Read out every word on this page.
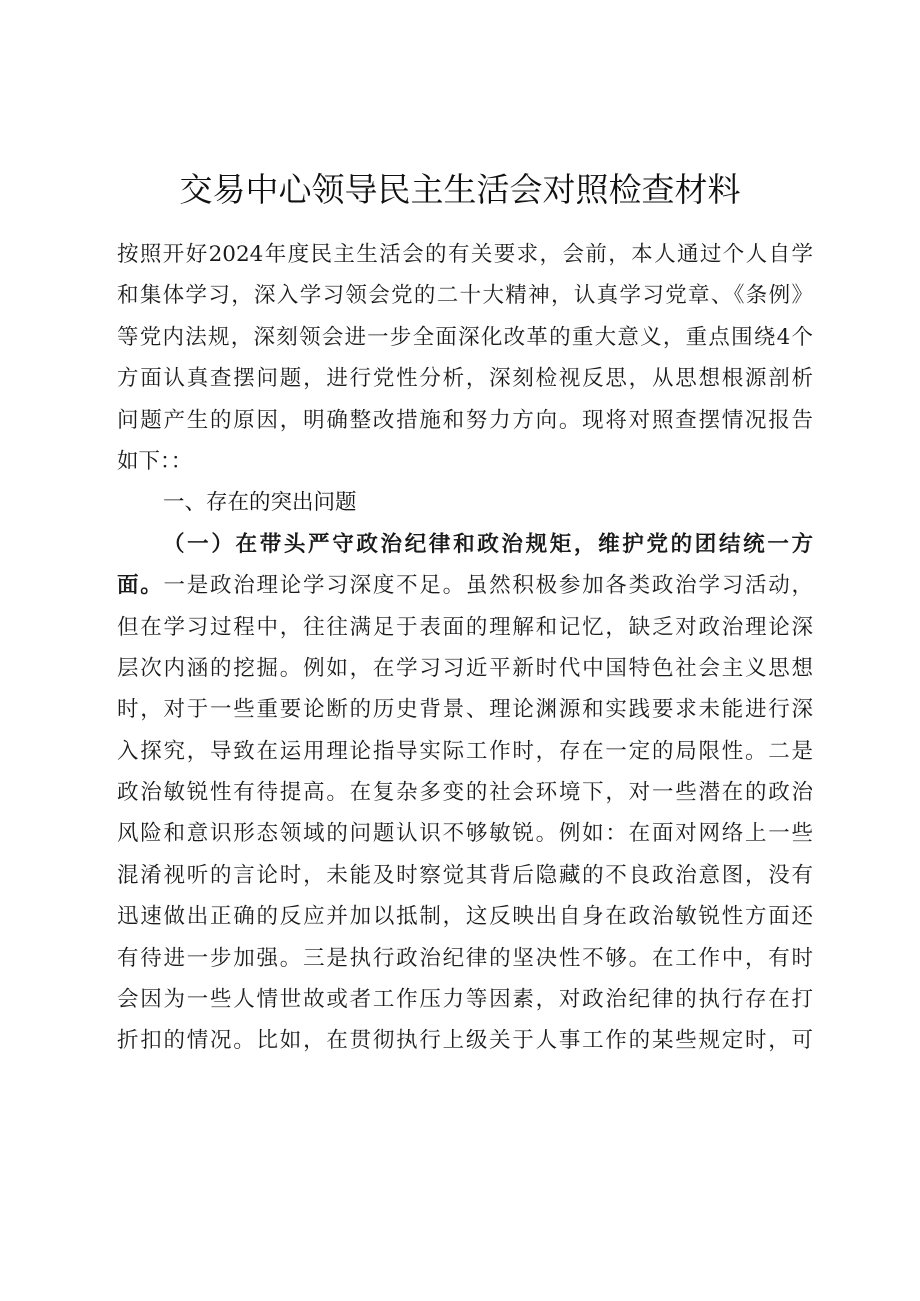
交易中心领导民主生活会对照检查材料
按照开好2024年度民主生活会的有关要求，会前，本人通过个人自学
和集体学习，深入学习领会党的二十大精神，认真学习党章、《条例》
等党内法规，深刻领会进一步全面深化改革的重大意义，重点围绕4个
方面认真查摆问题，进行党性分析，深刻检视反思，从思想根源剖析
问题产生的原因，明确整改措施和努力方向。现将对照查摆情况报告
如下：：
一、存在的突出问题
（一）在带头严守政治纪律和政治规矩，维护党的团结统一方
面。一是政治理论学习深度不足。虽然积极参加各类政治学习活动，
但在学习过程中，往往满足于表面的理解和记忆，缺乏对政治理论深
层次内涵的挖掘。例如，在学习习近平新时代中国特色社会主义思想
时，对于一些重要论断的历史背景、理论渊源和实践要求未能进行深
入探究，导致在运用理论指导实际工作时，存在一定的局限性。二是
政治敏锐性有待提高。在复杂多变的社会环境下，对一些潜在的政治
风险和意识形态领域的问题认识不够敏锐。例如：在面对网络上一些
混淆视听的言论时，未能及时察觉其背后隐藏的不良政治意图，没有
迅速做出正确的反应并加以抵制，这反映出自身在政治敏锐性方面还
有待进一步加强。三是执行政治纪律的坚决性不够。在工作中，有时
会因为一些人情世故或者工作压力等因素，对政治纪律的执行存在打
折扣的情况。比如，在贯彻执行上级关于人事工作的某些规定时，可
